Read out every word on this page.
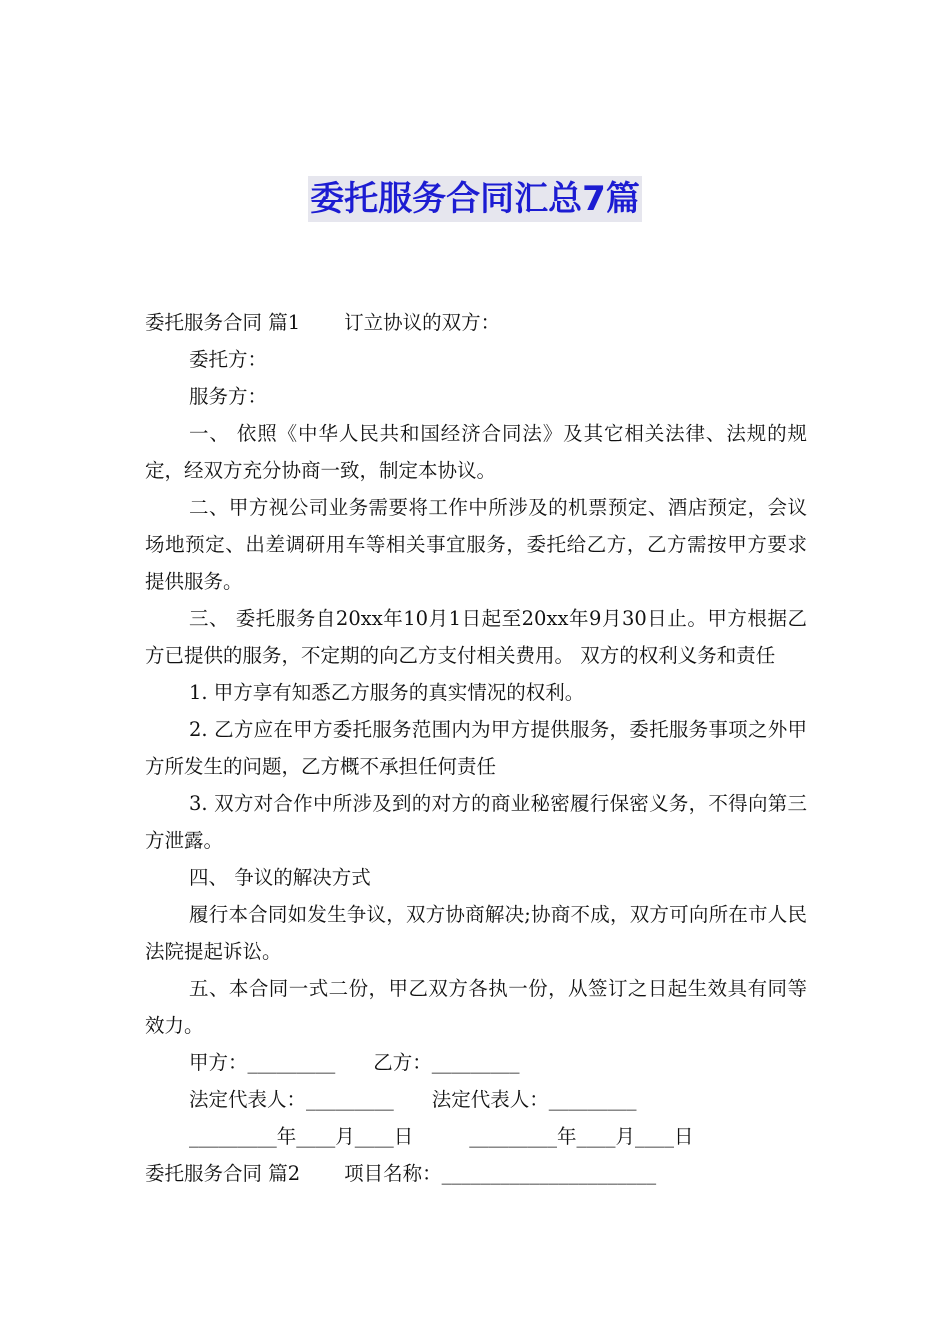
委托服务合同汇总7篇

委托服务合同 篇1 订立协议的双方：

委托方：

服务方：

一、 依照《中华人民共和国经济合同法》及其它相关法律、法规的规定，经双方充分协商一致，制定本协议。

二、甲方视公司业务需要将工作中所涉及的机票预定、酒店预定，会议场地预定、出差调研用车等相关事宜服务，委托给乙方，乙方需按甲方要求提供服务。

三、 委托服务自20xx年10月1日起至20xx年9月30日止。甲方根据乙方已提供的服务，不定期的向乙方支付相关费用。 双方的权利义务和责任

1. 甲方享有知悉乙方服务的真实情况的权利。

2. 乙方应在甲方委托服务范围内为甲方提供服务，委托服务事项之外甲方所发生的问题，乙方概不承担任何责任

3. 双方对合作中所涉及到的对方的商业秘密履行保密义务，不得向第三方泄露。

四、 争议的解决方式

履行本合同如发生争议，双方协商解决;协商不成，双方可向所在市人民法院提起诉讼。

五、本合同一式二份，甲乙双方各执一份，从签订之日起生效具有同等效力。

甲方：_________ 乙方：_________

法定代表人：_________ 法定代表人：_________

_________年____月____日	_________年____月____日

委托服务合同 篇2 项目名称：______________________
